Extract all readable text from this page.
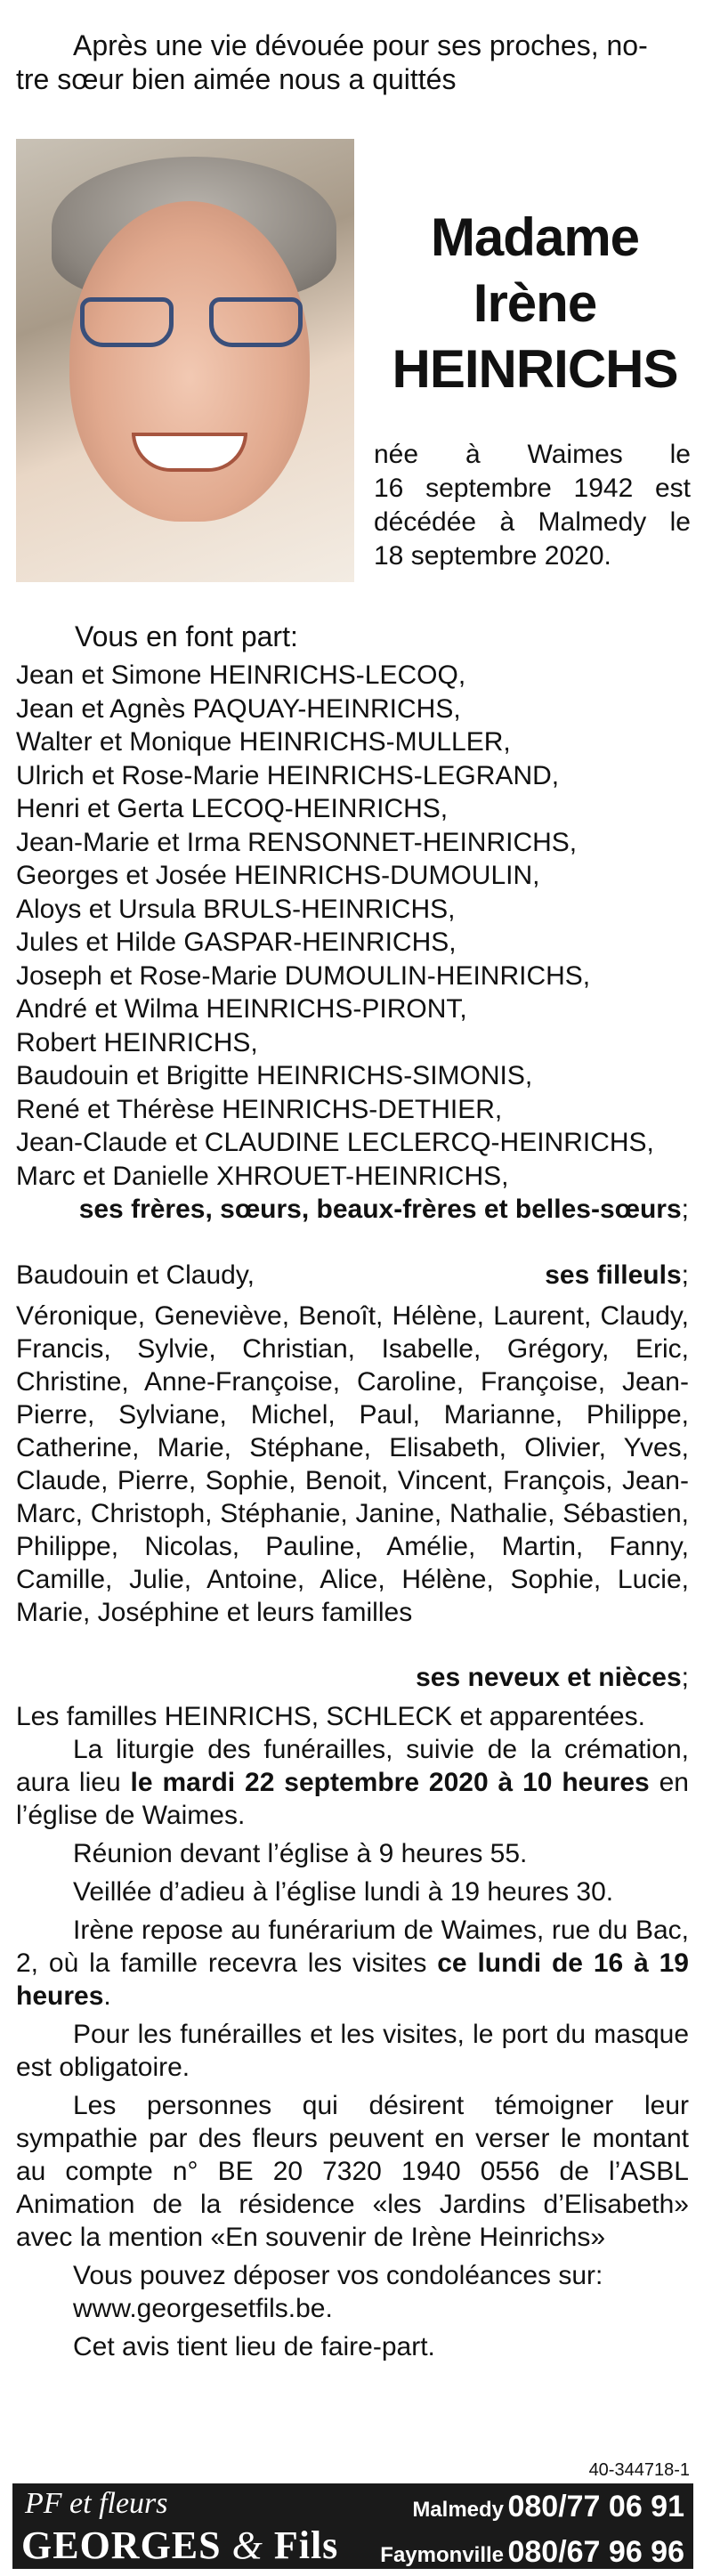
Après une vie dévouée pour ses proches, no-
tre sœur bien aimée nous a quittés
Madame
Irène
HEINRICHS
née à Waimes le
16 septembre 1942 est
décédée à Malmedy le
18 septembre 2020.
Vous en font part:
Jean et Simone HEINRICHS-LECOQ,
Jean et Agnès PAQUAY-HEINRICHS,
Walter et Monique HEINRICHS-MULLER,
Ulrich et Rose-Marie HEINRICHS-LEGRAND,
Henri et Gerta LECOQ-HEINRICHS,
Jean-Marie et Irma RENSONNET-HEINRICHS,
Georges et Josée HEINRICHS-DUMOULIN,
Aloys et Ursula BRULS-HEINRICHS,
Jules et Hilde GASPAR-HEINRICHS,
Joseph et Rose-Marie DUMOULIN-HEINRICHS,
André et Wilma HEINRICHS-PIRONT,
Robert HEINRICHS,
Baudouin et Brigitte HEINRICHS-SIMONIS,
René et Thérèse HEINRICHS-DETHIER,
Jean-Claude et CLAUDINE LECLERCQ-HEINRICHS,
Marc et Danielle XHROUET-HEINRICHS,
ses frères, sœurs, beaux-frères et belles-sœurs;
Baudouin et Claudy,	ses filleuls;
Véronique, Geneviève, Benoît, Hélène, Laurent, Claudy, Francis, Sylvie, Christian, Isabelle, Grégory, Eric, Christine, Anne-Françoise, Caroline, Françoise, Jean-Pierre, Sylviane, Michel, Paul, Marianne, Philippe, Catherine, Marie, Stéphane, Elisabeth, Olivier, Yves, Claude, Pierre, Sophie, Benoit, Vincent, François, Jean-Marc, Christoph, Stéphanie, Janine, Nathalie, Sébastien, Philippe, Nicolas, Pauline, Amélie, Martin, Fanny, Camille, Julie, Antoine, Alice, Hélène, Sophie, Lucie, Marie, Joséphine et leurs familles
ses neveux et nièces;

Les familles HEINRICHS, SCHLECK et apparentées.

La liturgie des funérailles, suivie de la crémation, aura lieu le mardi 22 septembre 2020 à 10 heures en l’église de Waimes.

Réunion devant l’église à 9 heures 55.

Veillée d’adieu à l’église lundi à 19 heures 30.

Irène repose au funérarium de Waimes, rue du Bac, 2, où la famille recevra les visites ce lundi de 16 à 19 heures.

Pour les funérailles et les visites, le port du masque est obligatoire.

Les personnes qui désirent témoigner leur sympathie par des fleurs peuvent en verser le montant au compte n° BE 20 7320 1940 0556 de l’ASBL Animation de la résidence «les Jardins d’Elisabeth» avec la mention «En souvenir de Irène Heinrichs»

Vous pouvez déposer vos condoléances sur:

www.georgesetfils.be.

Cet avis tient lieu de faire-part.

40-344718-1
PF et fleurs
GEORGES & Fils
Malmedy 080/77 06 91
Faymonville 080/67 96 96
